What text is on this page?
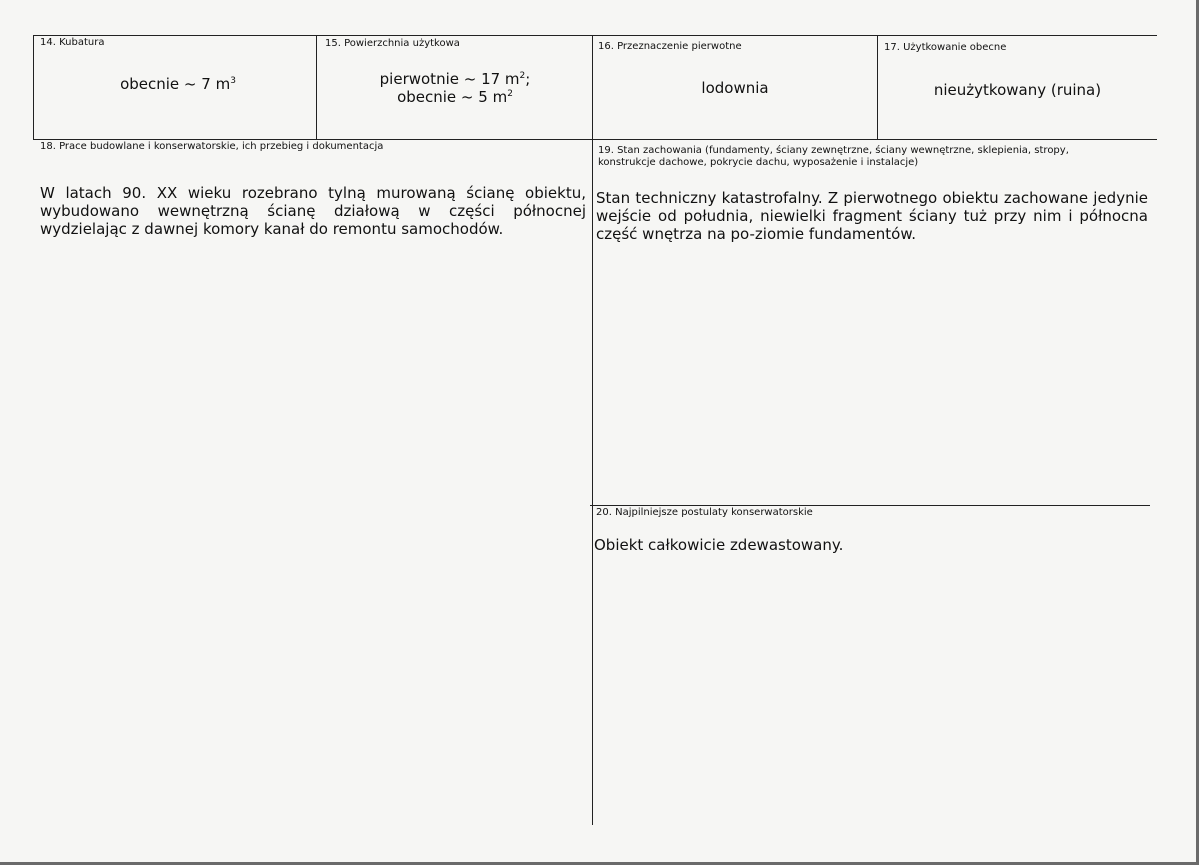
14. Kubatura
obecnie ~ 7 $m^3$
15. Powierzchnia użytkowa
pierwotnie ~ 17 $m^2$;
obecnie ~ 5 $m^2$
16. Przeznaczenie pierwotne
lodownia
17. Użytkowanie obecne
nieużytkowany (ruina)
18. Prace budowlane i konserwatorskie, ich przebieg i dokumentacja
W latach 90. XX wieku rozebrano tylną murowaną ścianę obiektu, wybudowano wewnętrzną ścianę działową w części północnej wydzielając z dawnej komory kanał do remontu samochodów.
19. Stan zachowania (fundamenty, ściany zewnętrzne, ściany wewnętrzne, sklepienia, stropy, konstrukcje dachowe, pokrycie dachu, wyposażenie i instalacje)
Stan techniczny katastrofalny. Z pierwotnego obiektu zachowane jedynie wejście od południa, niewielki fragment ściany tuż przy nim i północna część wnętrza na po-ziomie fundamentów.
20. Najpilniejsze postulaty konserwatorskie
Obiekt całkowicie zdewastowany.
